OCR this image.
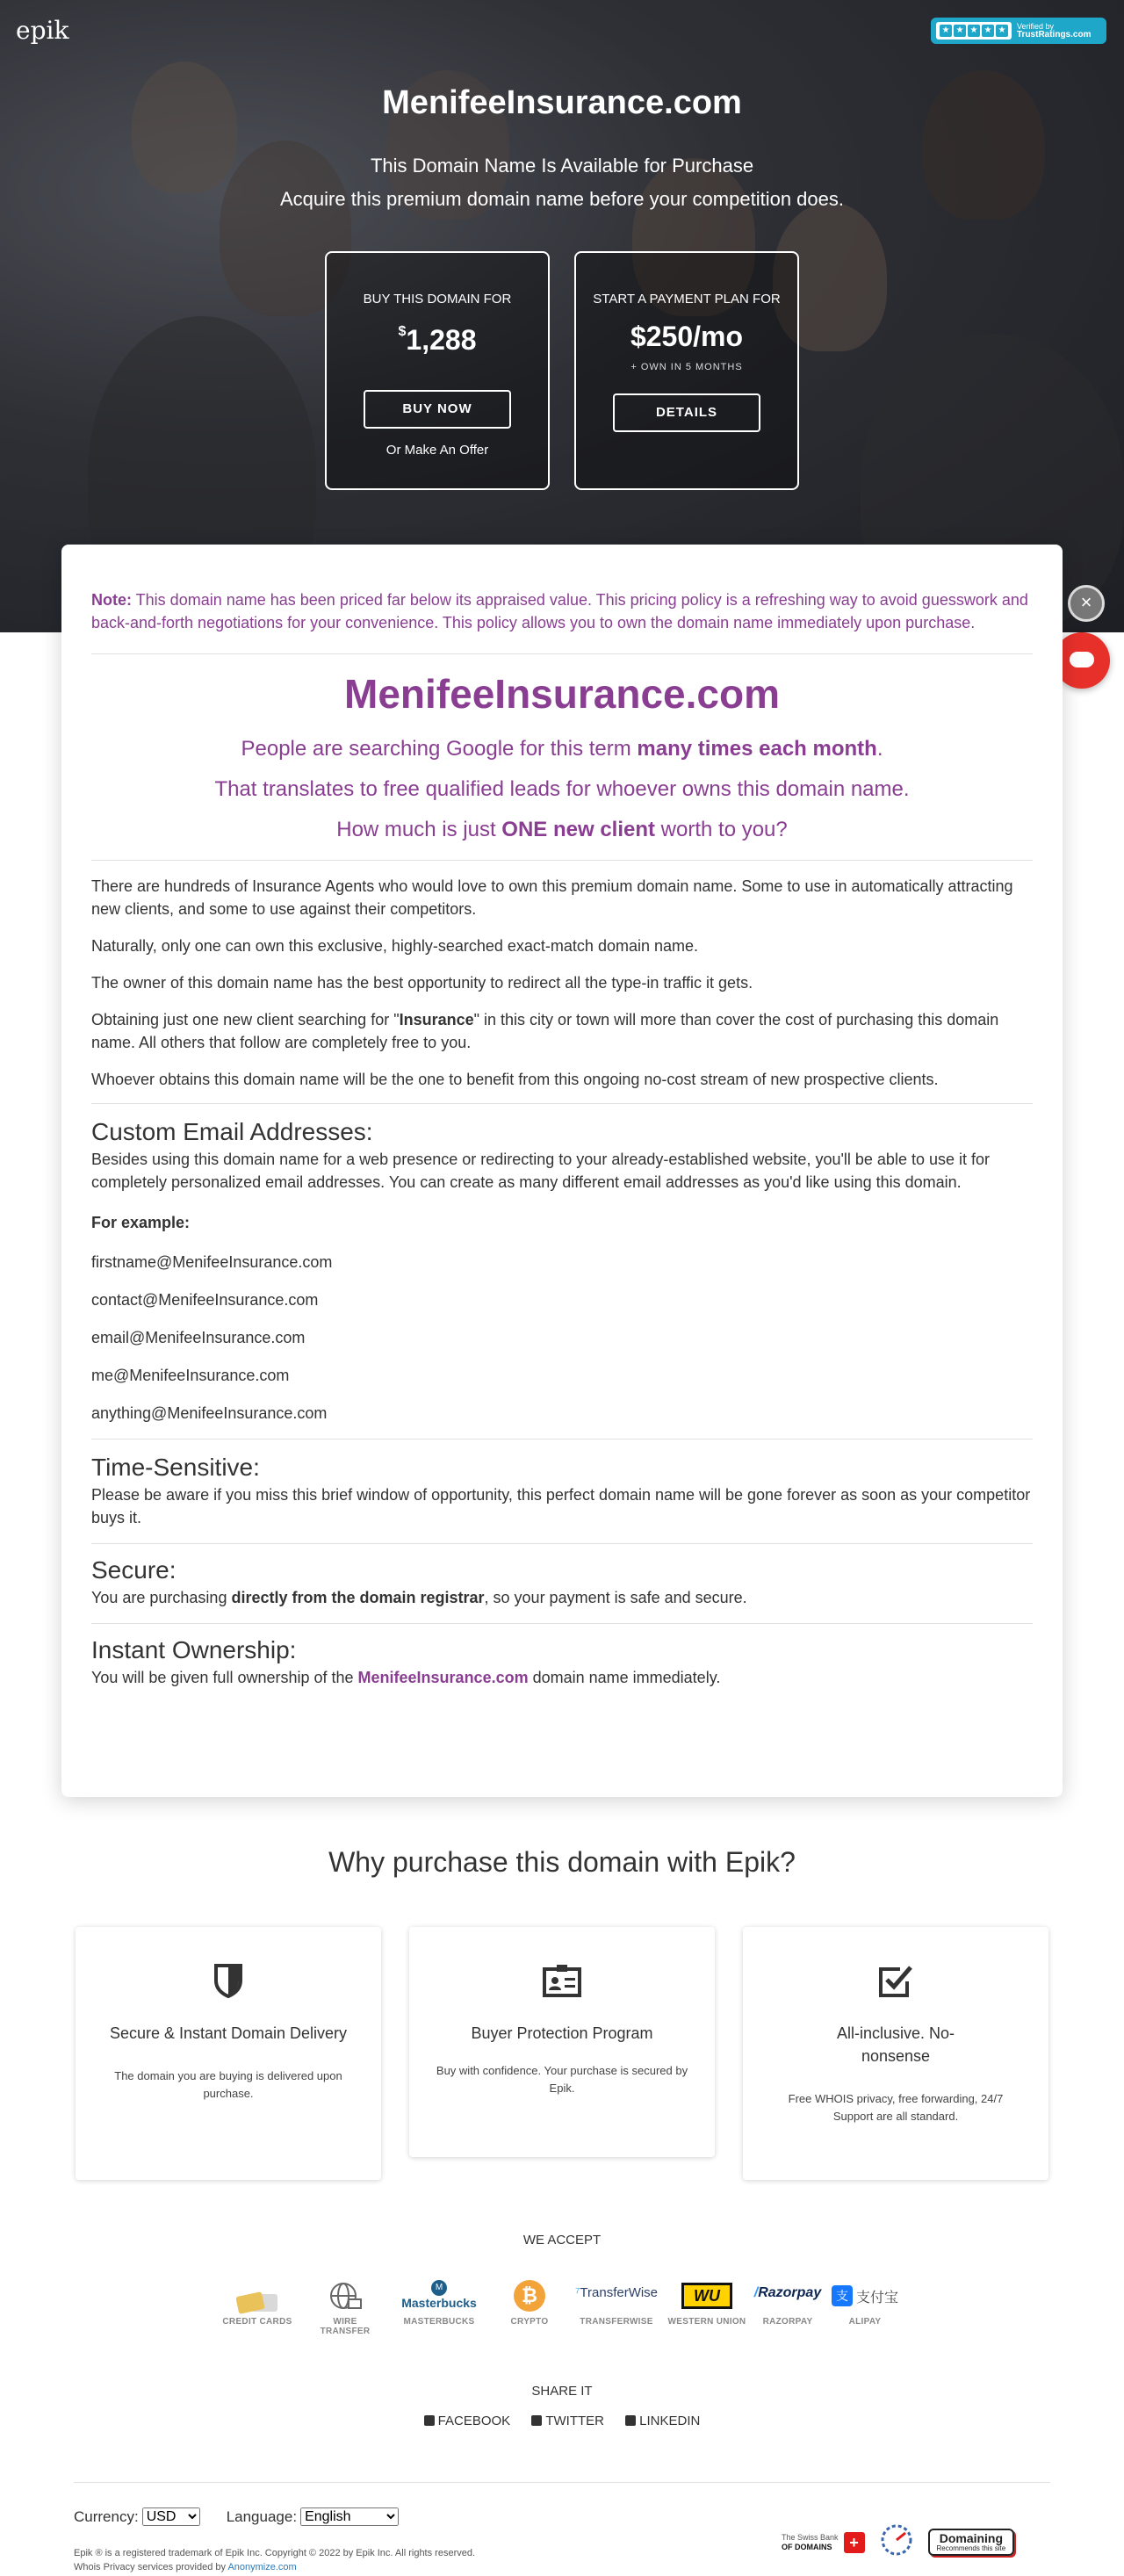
epik	★ ★ ★ ★ ★ Verified by
TrustRatings.com
MenifeeInsurance.com
This Domain Name Is Available for Purchase
Acquire this premium domain name before your competition does.
BUY THIS DOMAIN FOR
$1,288
BUY NOW
Or Make An Offer
START A PAYMENT PLAN FOR
$250/mo
+ OWN IN 5 MONTHS
DETAILS
×

Note: This domain name has been priced far below its appraised value. This pricing policy is a refreshing way to avoid guesswork and back-and-forth negotiations for your convenience. This policy allows you to own the domain name immediately upon purchase.

MenifeeInsurance.com
People are searching Google for this term many times each month.
That translates to free qualified leads for whoever owns this domain name.
How much is just ONE new client worth to you?

There are hundreds of Insurance Agents who would love to own this premium domain name. Some to use in automatically attracting new clients, and some to use against their competitors.

Naturally, only one can own this exclusive, highly-searched exact-match domain name.

The owner of this domain name has the best opportunity to redirect all the type-in traffic it gets.

Obtaining just one new client searching for "Insurance" in this city or town will more than cover the cost of purchasing this domain name. All others that follow are completely free to you.

Whoever obtains this domain name will be the one to benefit from this ongoing no-cost stream of new prospective clients.

Custom Email Addresses:

Besides using this domain name for a web presence or redirecting to your already-established website, you'll be able to use it for completely personalized email addresses. You can create as many different email addresses as you'd like using this domain.

For example:

firstname@MenifeeInsurance.com
contact@MenifeeInsurance.com
email@MenifeeInsurance.com
me@MenifeeInsurance.com
anything@MenifeeInsurance.com
Time-Sensitive:

Please be aware if you miss this brief window of opportunity, this perfect domain name will be gone forever as soon as your competitor buys it.

Secure:

You are purchasing directly from the domain registrar, so your payment is safe and secure.

Instant Ownership:

You will be given full ownership of the MenifeeInsurance.com domain name immediately.

Why purchase this domain with Epik?
Secure & Instant Domain Delivery
The domain you are buying is delivered upon purchase.
Buyer Protection Program
Buy with confidence. Your purchase is secured by Epik.
All-inclusive. No-nonsense
Free WHOIS privacy, free forwarding, 24/7 Support are all standard.
WE ACCEPT
CREDIT CARDS	WIRE TRANSFER
M
Masterbucks
MASTERBUCKS
₿
CRYPTO
⁷TransferWise
TRANSFERWISE
WU
WESTERN UNION
/Razorpay
RAZORPAY
支 支付宝
ALIPAY
SHARE IT
FACEBOOK	TWITTER	LINKEDIN
Currency:
USD	Language:
English
Epik ® is a registered trademark of Epik Inc. Copyright © 2022 by Epik Inc. All rights reserved.
Whois Privacy services provided by Anonymize.com
The Swiss Bank
OF DOMAINS	+	Domaining
Recommends this site
